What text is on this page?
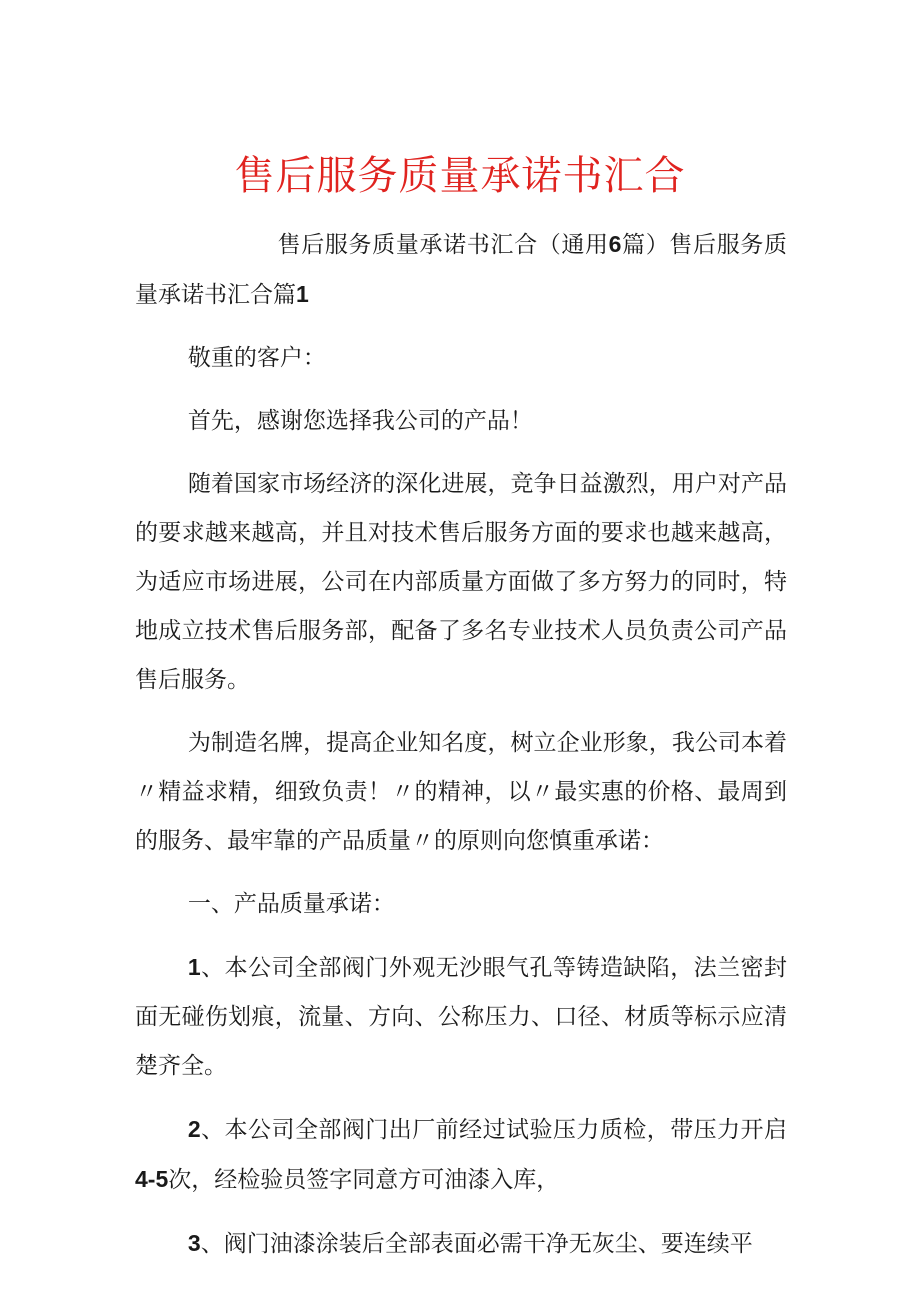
售后服务质量承诺书汇合

售后服务质量承诺书汇合（通用6篇）售后服务质量承诺书汇合篇1

敬重的客户：

首先，感谢您选择我公司的产品！

随着国家市场经济的深化进展，竞争日益激烈，用户对产品的要求越来越高，并且对技术售后服务方面的要求也越来越高，为适应市场进展，公司在内部质量方面做了多方努力的同时，特地成立技术售后服务部，配备了多名专业技术人员负责公司产品售后服务。

为制造名牌，提高企业知名度，树立企业形象，我公司本着〃精益求精，细致负责！〃的精神，以〃最实惠的价格、最周到的服务、最牢靠的产品质量〃的原则向您慎重承诺：

一、产品质量承诺：

1、本公司全部阀门外观无沙眼气孔等铸造缺陷，法兰密封面无碰伤划痕，流量、方向、公称压力、口径、材质等标示应清楚齐全。

2、本公司全部阀门出厂前经过试验压力质检，带压力开启4-5次，经检验员签字同意方可油漆入库，

3、阀门油漆涂装后全部表面必需干净无灰尘、要连续平
